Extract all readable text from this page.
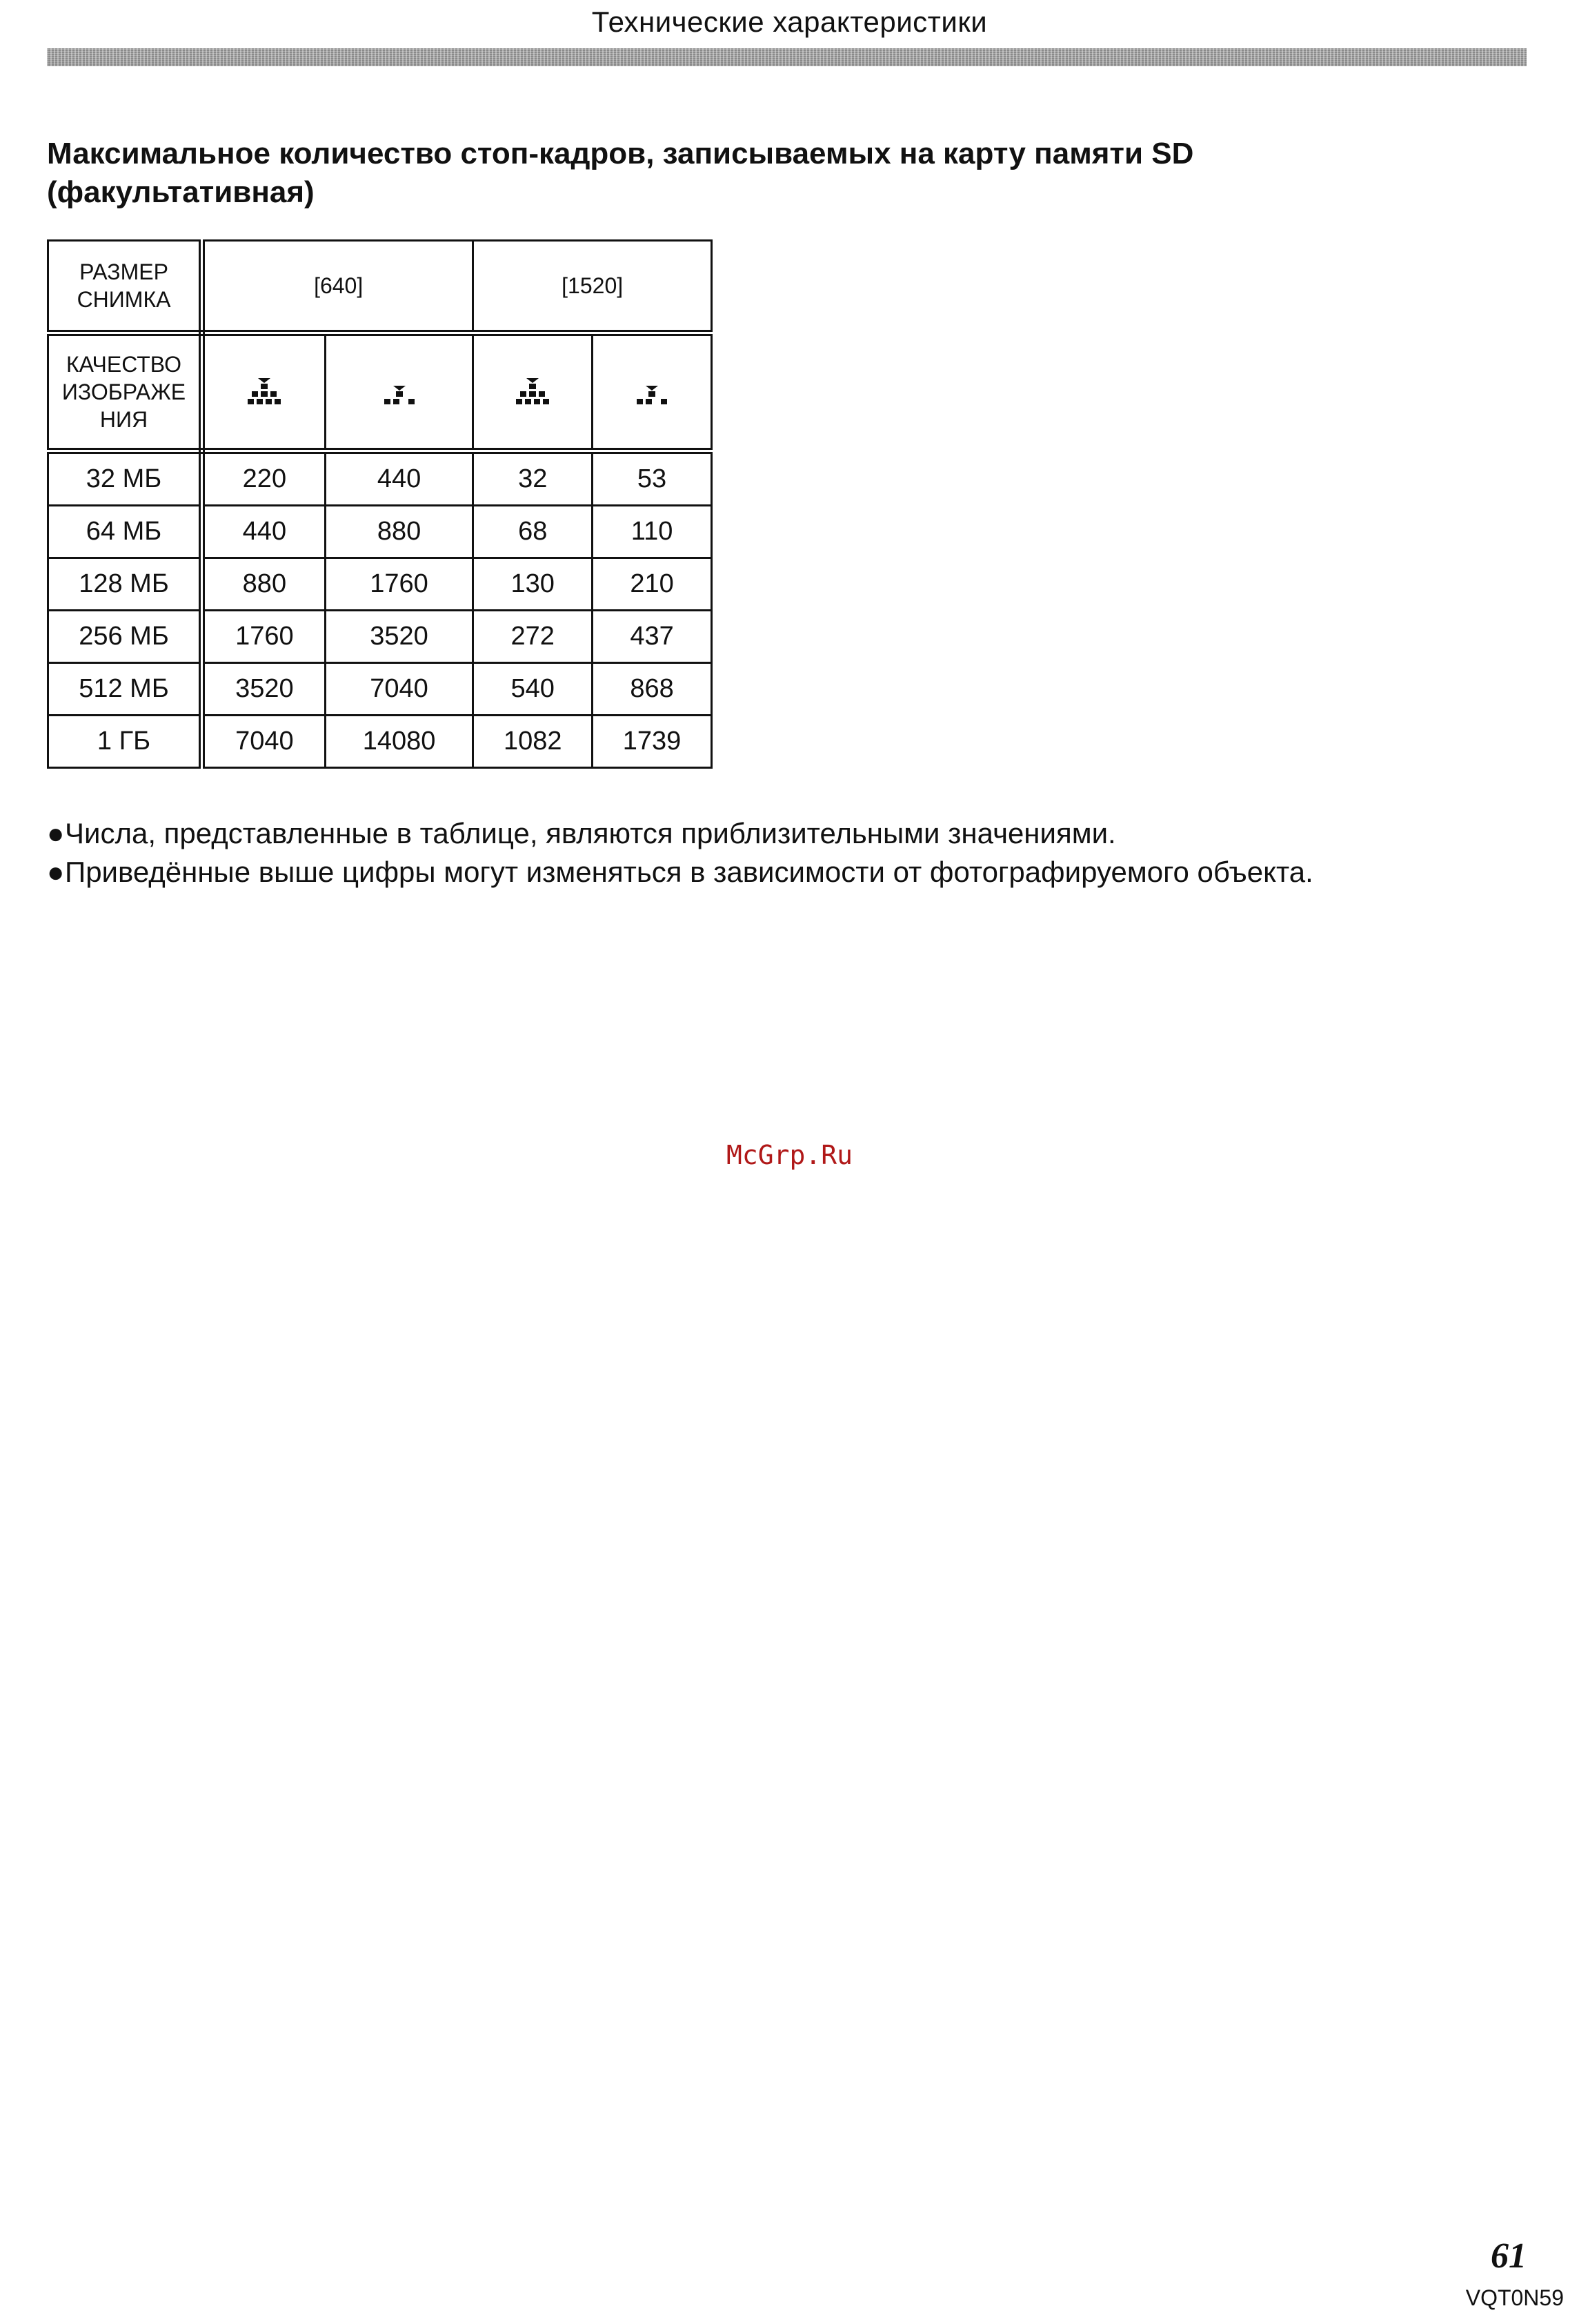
Технические характеристики
Максимальное количество стоп-кадров, записываемых на карту памяти SD
(факультативная)
РАЗМЕР
СНИМКА	[640]		[1520]	

КАЧЕСТВО
ИЗОБРАЖЕ
НИЯ

32 МБ	220	440	32	53
64 МБ	440	880	68	110
128 МБ	880	1760	130	210
256 МБ	1760	3520	272	437
512 МБ	3520	7040	540	868
1 ГБ	7040	14080	1082	1739
● Числа, представленные в таблице, являются приблизительными значениями.
● Приведённые выше цифры могут изменяться в зависимости от фотографируемого объекта.
McGrp.Ru
61
VQT0N59
